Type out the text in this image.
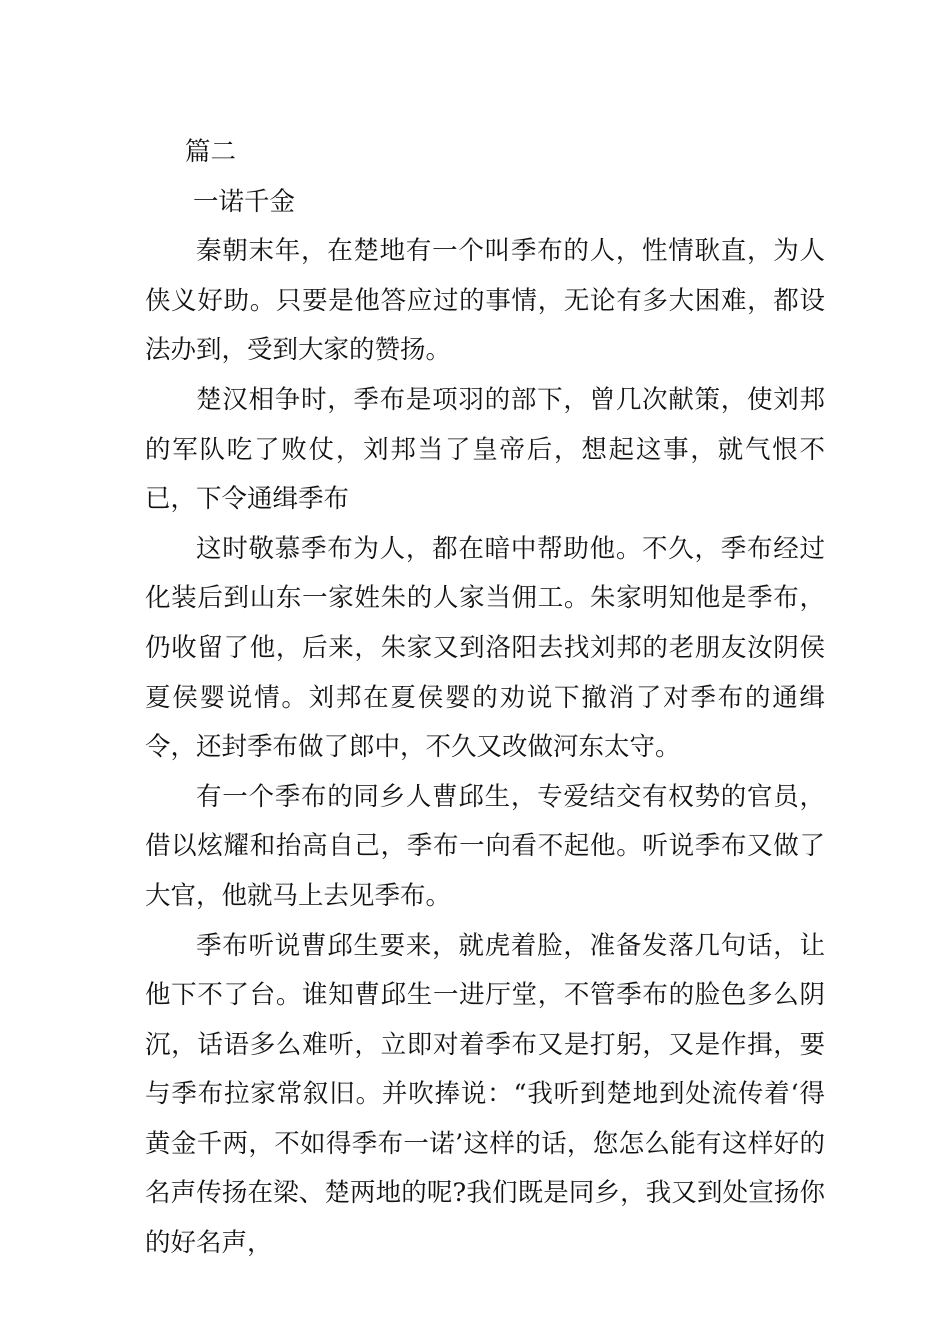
篇二

一诺千金

秦朝末年，在楚地有一个叫季布的人，性情耿直，为人侠义好助。只要是他答应过的事情，无论有多大困难，都设法办到，受到大家的赞扬。

楚汉相争时，季布是项羽的部下，曾几次献策，使刘邦的军队吃了败仗，刘邦当了皇帝后，想起这事，就气恨不已，下令通缉季布

这时敬慕季布为人，都在暗中帮助他。不久，季布经过化装后到山东一家姓朱的人家当佣工。朱家明知他是季布，仍收留了他，后来，朱家又到洛阳去找刘邦的老朋友汝阴侯夏侯婴说情。刘邦在夏侯婴的劝说下撤消了对季布的通缉令，还封季布做了郎中，不久又改做河东太守。

有一个季布的同乡人曹邱生，专爱结交有权势的官员，借以炫耀和抬高自己，季布一向看不起他。听说季布又做了大官，他就马上去见季布。

季布听说曹邱生要来，就虎着脸，准备发落几句话，让他下不了台。谁知曹邱生一进厅堂，不管季布的脸色多么阴沉，话语多么难听，立即对着季布又是打躬，又是作揖，要与季布拉家常叙旧。并吹捧说：“我听到楚地到处流传着‘得黄金千两，不如得季布一诺’这样的话，您怎么能有这样好的名声传扬在梁、楚两地的呢?我们既是同乡，我又到处宣扬你的好名声，
